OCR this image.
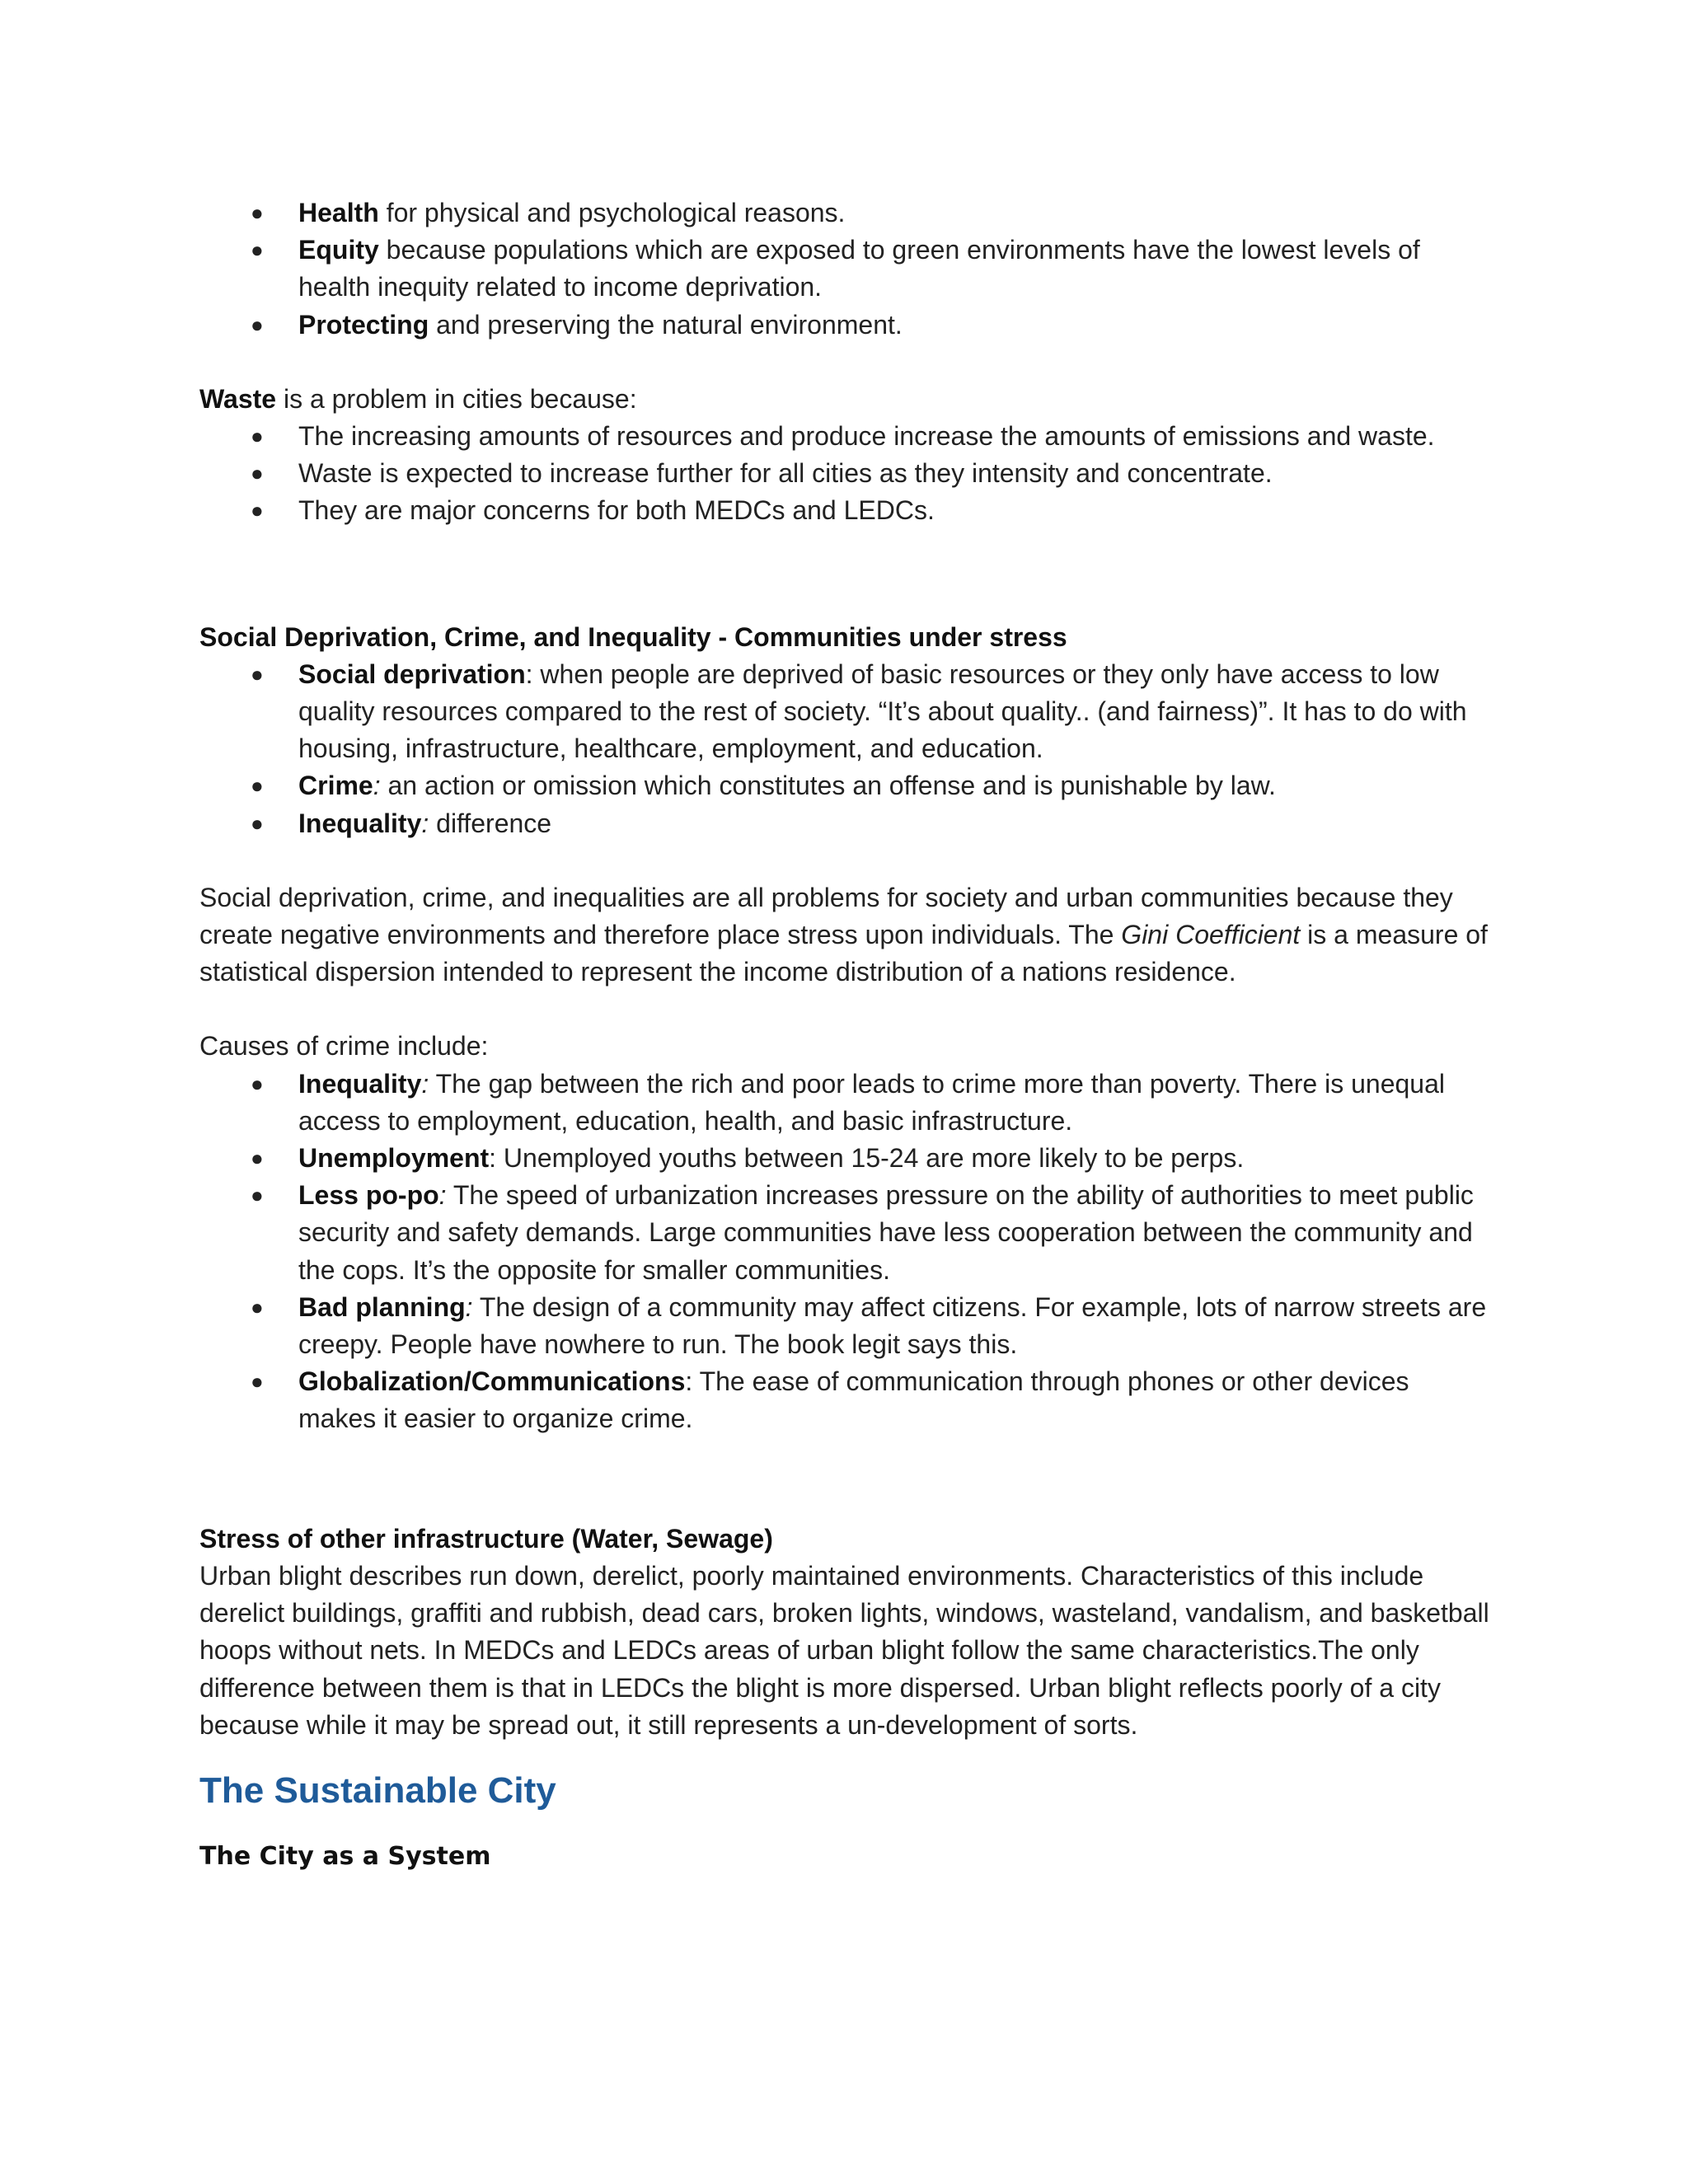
● Health for physical and psychological reasons.
● Equity because populations which are exposed to green environments have the lowest levels of health inequity related to income deprivation.
● Protecting and preserving the natural environment.

Waste is a problem in cities because:

● The increasing amounts of resources and produce increase the amounts of emissions and waste.
● Waste is expected to increase further for all cities as they intensity and concentrate.
● They are major concerns for both MEDCs and LEDCs.

Social Deprivation, Crime, and Inequality - Communities under stress

● Social deprivation: when people are deprived of basic resources or they only have access to low quality resources compared to the rest of society. “It’s about quality.. (and fairness)”. It has to do with housing, infrastructure, healthcare, employment, and education.
● Crime: an action or omission which constitutes an offense and is punishable by law.
● Inequality: difference

Social deprivation, crime, and inequalities are all problems for society and urban communities because they create negative environments and therefore place stress upon individuals. The Gini Coefficient is a measure of statistical dispersion intended to represent the income distribution of a nations residence.

Causes of crime include:

● Inequality: The gap between the rich and poor leads to crime more than poverty. There is unequal access to employment, education, health, and basic infrastructure.
● Unemployment: Unemployed youths between 15-24 are more likely to be perps.
● Less po-po: The speed of urbanization increases pressure on the ability of authorities to meet public security and safety demands. Large communities have less cooperation between the community and the cops. It’s the opposite for smaller communities.
● Bad planning: The design of a community may affect citizens. For example, lots of narrow streets are creepy. People have nowhere to run. The book legit says this.
● Globalization/Communications: The ease of communication through phones or other devices makes it easier to organize crime.

Stress of other infrastructure (Water, Sewage)

Urban blight describes run down, derelict, poorly maintained environments. Characteristics of this include derelict buildings, graffiti and rubbish, dead cars, broken lights, windows, wasteland, vandalism, and basketball hoops without nets. In MEDCs and LEDCs areas of urban blight follow the same characteristics.The only difference between them is that in LEDCs the blight is more dispersed. Urban blight reflects poorly of a city because while it may be spread out, it still represents a un-development of sorts.

The Sustainable City
The City as a System
